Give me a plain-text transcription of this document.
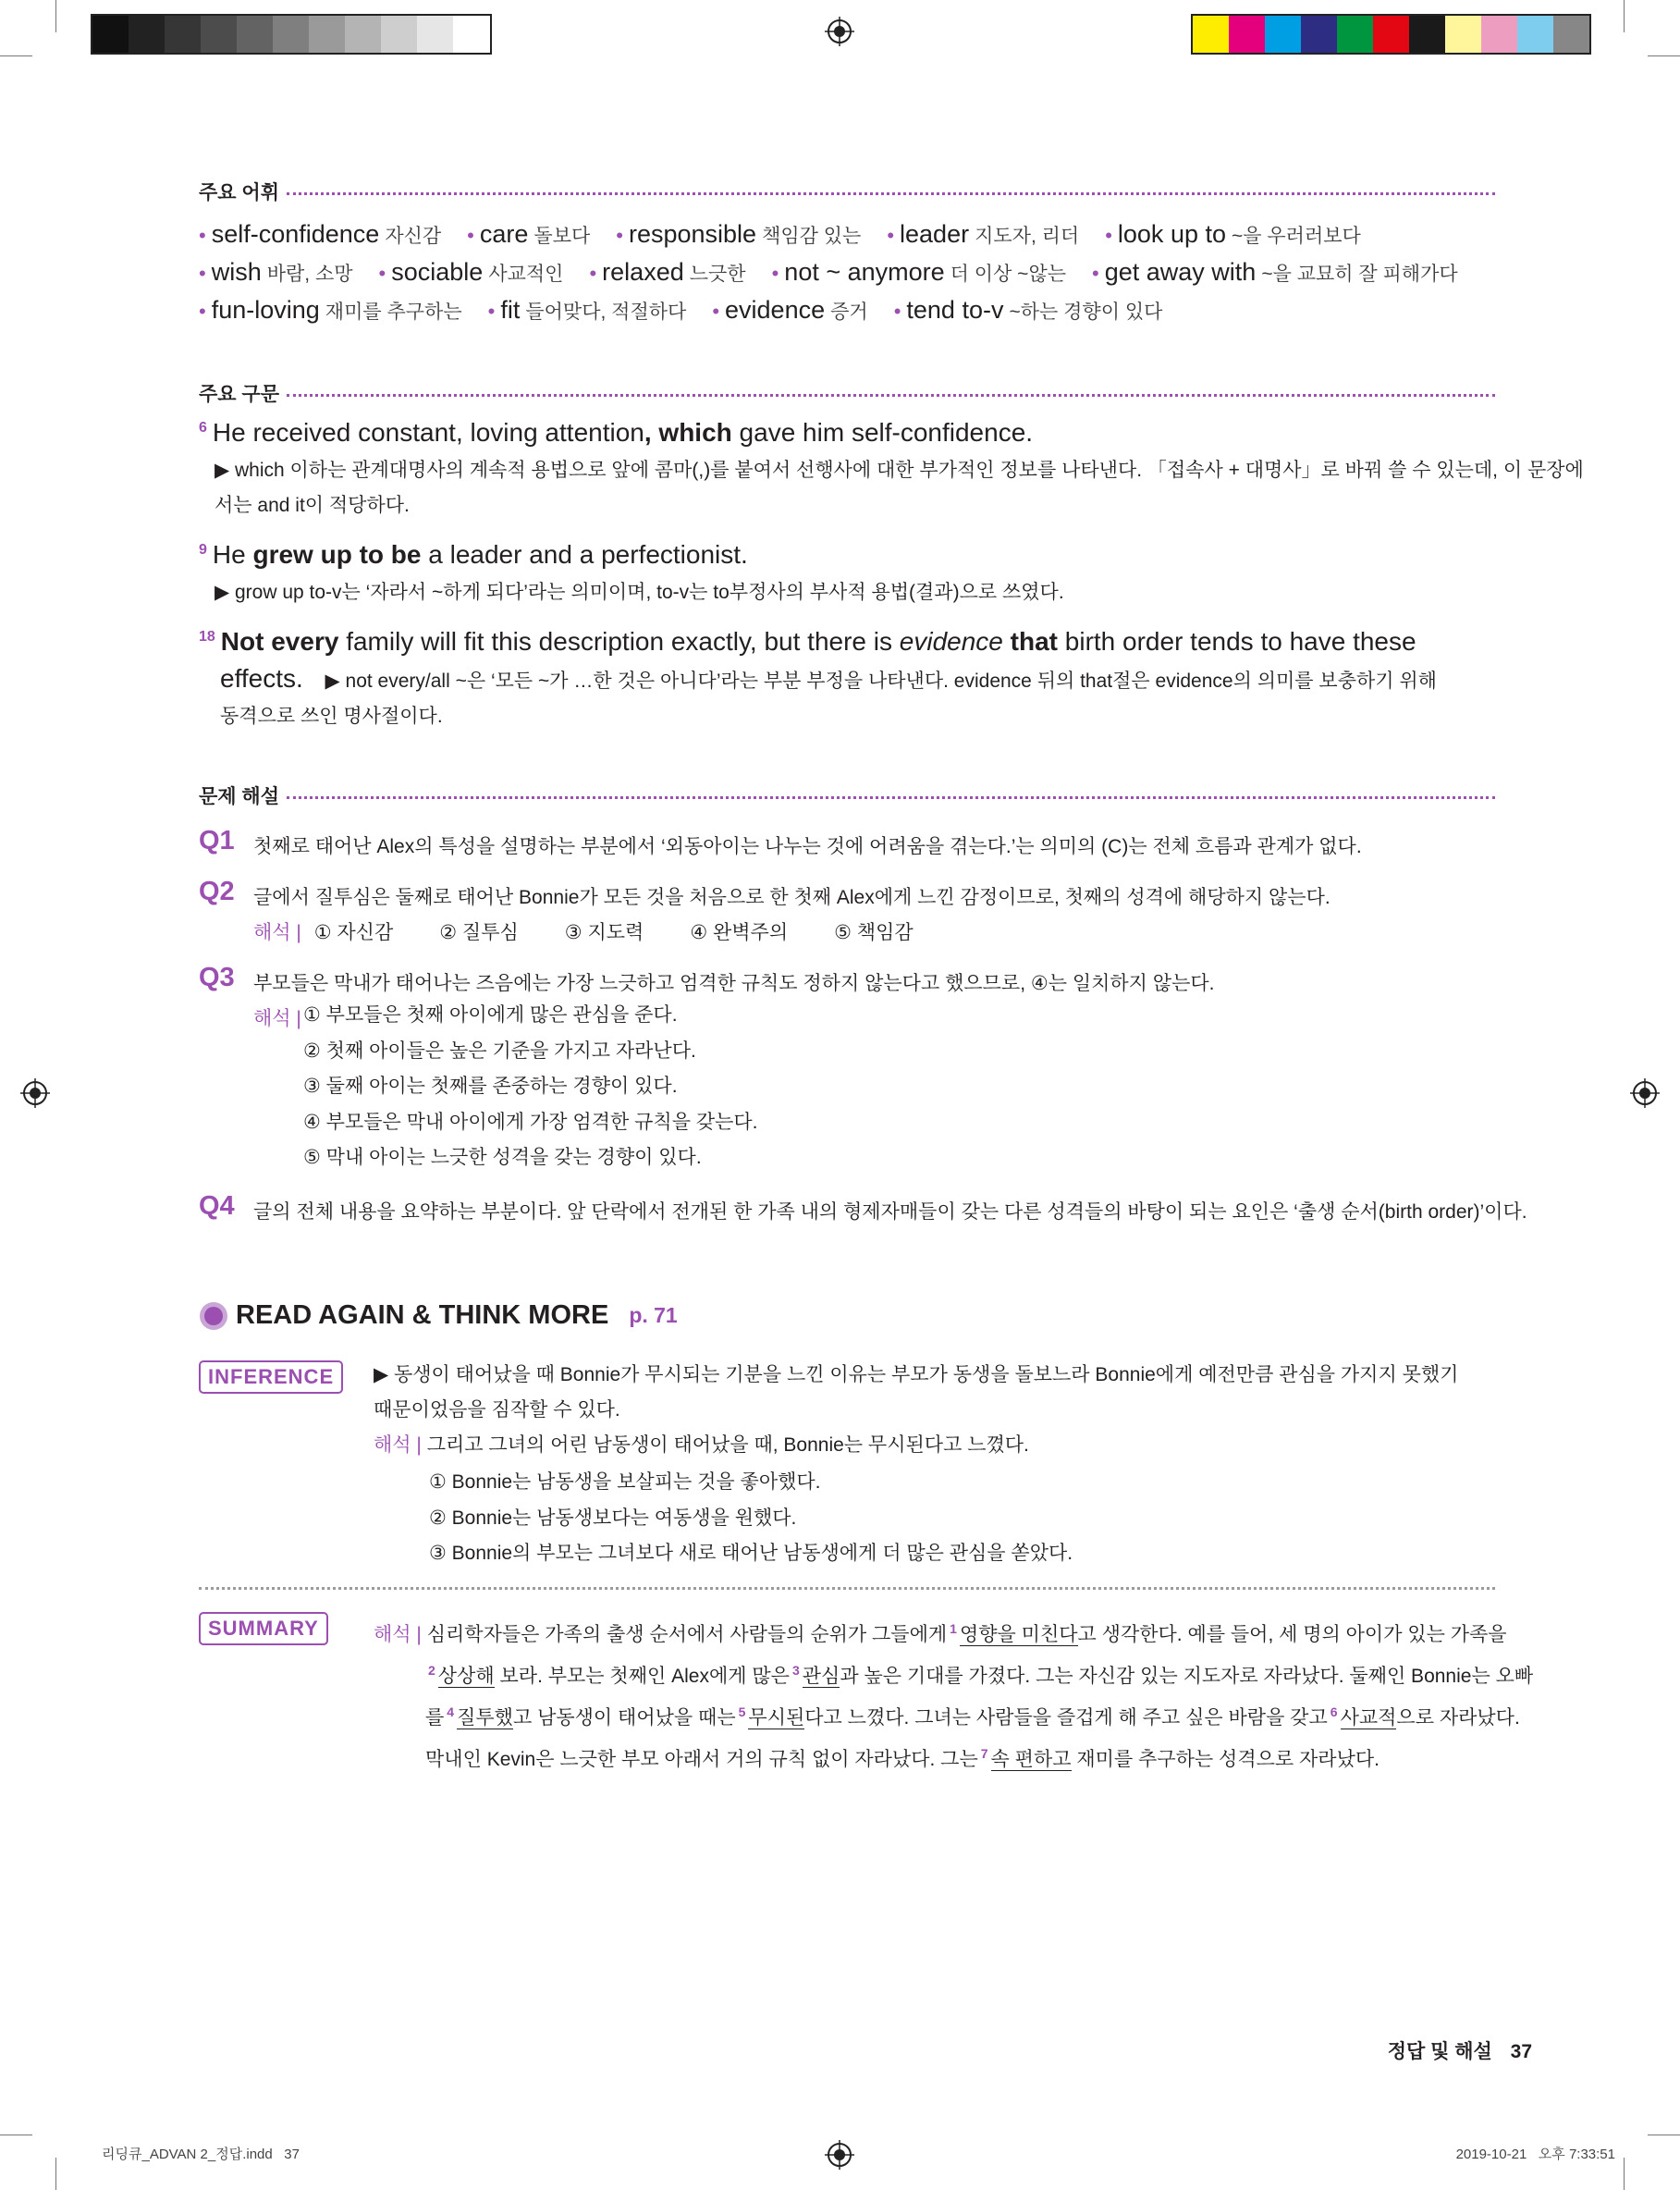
주요 어휘
• self-confidence 자신감 • care 돌보다 • responsible 책임감 있는 • leader 지도자, 리더 • look up to ~을 우러러보다
• wish 바람, 소망 • sociable 사교적인 • relaxed 느긋한 • not ~ anymore 더 이상 ~않는 • get away with ~을 교묘히 잘 피해가다
• fun-loving 재미를 추구하는 • fit 들어맞다, 적절하다 • evidence 증거 • tend to-v ~하는 경향이 있다
주요 구문
$^6$ He received constant, loving attention, which gave him self-confidence.
▶ which 이하는 관계대명사의 계속적 용법으로 앞에 콤마(,)를 붙여서 선행사에 대한 부가적인 정보를 나타낸다. 「접속사 + 대명사」로 바꿔 쓸 수 있는데, 이 문장에
서는 and it이 적당하다.
$^9$ He grew up to be a leader and a perfectionist.
▶ grow up to-v는 ‘자라서 ~하게 되다’라는 의미이며, to-v는 to부정사의 부사적 용법(결과)으로 쓰였다.
$^{18}$ Not every family will fit this description exactly, but there is evidence that birth order tends to have these
effects. ▶ not every/all ~은 ‘모든 ~가 …한 것은 아니다’라는 부분 부정을 나타낸다. evidence 뒤의 that절은 evidence의 의미를 보충하기 위해
동격으로 쓰인 명사절이다.
문제 해설
Q1 첫째로 태어난 Alex의 특성을 설명하는 부분에서 ‘외동아이는 나누는 것에 어려움을 겪는다.’는 의미의 (C)는 전체 흐름과 관계가 없다.
Q2 글에서 질투심은 둘째로 태어난 Bonnie가 모든 것을 처음으로 한 첫째 Alex에게 느낀 감정이므로, 첫째의 성격에 해당하지 않는다.
해석 | ① 자신감 ② 질투심 ③ 지도력 ④ 완벽주의 ⑤ 책임감
Q3 부모들은 막내가 태어나는 즈음에는 가장 느긋하고 엄격한 규칙도 정하지 않는다고 했으므로, ④는 일치하지 않는다.
해석 | ① 부모들은 첫째 아이에게 많은 관심을 준다.
② 첫째 아이들은 높은 기준을 가지고 자라난다.
③ 둘째 아이는 첫째를 존중하는 경향이 있다.
④ 부모들은 막내 아이에게 가장 엄격한 규칙을 갖는다.
⑤ 막내 아이는 느긋한 성격을 갖는 경향이 있다.
Q4 글의 전체 내용을 요약하는 부분이다. 앞 단락에서 전개된 한 가족 내의 형제자매들이 갖는 다른 성격들의 바탕이 되는 요인은 ‘출생 순서(birth order)’이다.
READ AGAIN & THINK MORE p. 71
INFERENCE	▶ 동생이 태어났을 때 Bonnie가 무시되는 기분을 느낀 이유는 부모가 동생을 돌보느라 Bonnie에게 예전만큼 관심을 가지지 못했기
때문이었음을 짐작할 수 있다.
해석 | 그리고 그녀의 어린 남동생이 태어났을 때, Bonnie는 무시된다고 느꼈다.
① Bonnie는 남동생을 보살피는 것을 좋아했다.
② Bonnie는 남동생보다는 여동생을 원했다.
③ Bonnie의 부모는 그녀보다 새로 태어난 남동생에게 더 많은 관심을 쏟았다.
SUMMARY	해석 | 심리학자들은 가족의 출생 순서에서 사람들의 순위가 그들에게 $^1$ 영향을 미친다고 생각한다. 예를 들어, 세 명의 아이가 있는 가족을
$^2$ 상상해 보라. 부모는 첫째인 Alex에게 많은 $^3$ 관심과 높은 기대를 가졌다. 그는 자신감 있는 지도자로 자라났다. 둘째인 Bonnie는 오빠
를 $^4$ 질투했고 남동생이 태어났을 때는 $^5$ 무시된다고 느꼈다. 그녀는 사람들을 즐겁게 해 주고 싶은 바람을 갖고 $^6$ 사교적으로 자라났다.
막내인 Kevin은 느긋한 부모 아래서 거의 규칙 없이 자라났다. 그는 $^7$ 속 편하고 재미를 추구하는 성격으로 자라났다.
정답 및 해설 37
리딩큐_ADVAN 2_정답.indd   37	2019-10-21   오후 7:33:51
